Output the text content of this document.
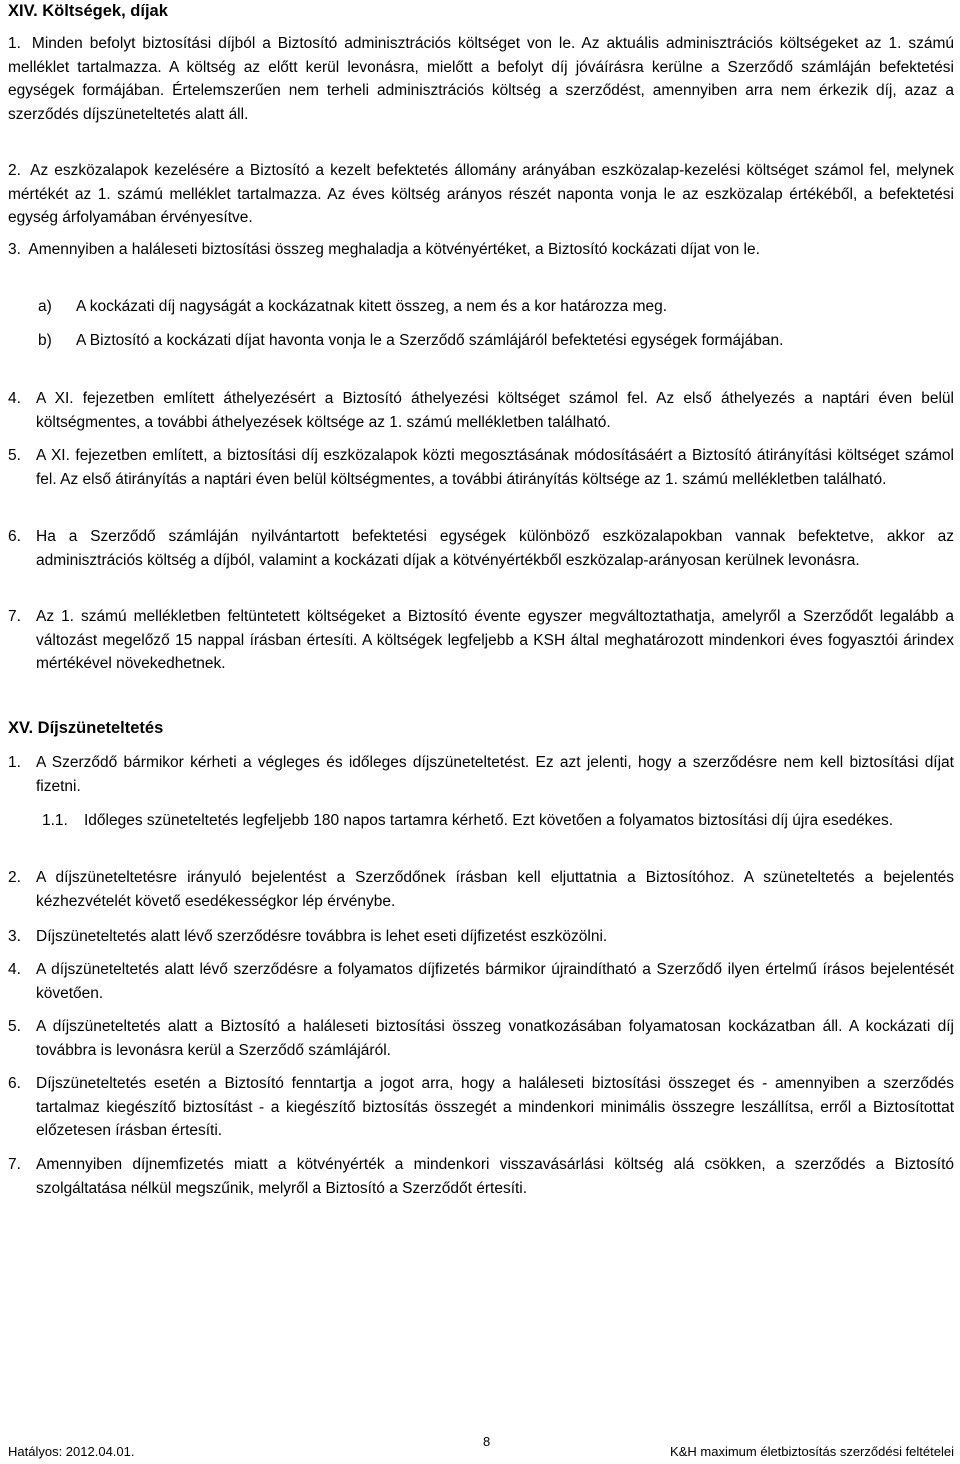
XIV. Költségek, díjak

1. Minden befolyt biztosítási díjból a Biztosító adminisztrációs költséget von le. Az aktuális adminisztrációs költségeket az 1. számú melléklet tartalmazza. A költség az előtt kerül levonásra, mielőtt a befolyt díj jóváírásra kerülne a Szerződő számláján befektetési egységek formájában. Értelemszerűen nem terheli adminisztrációs költség a szerződést, amennyiben arra nem érkezik díj, azaz a szerződés díjszüneteltetés alatt áll.

2. Az eszközalapok kezelésére a Biztosító a kezelt befektetés állomány arányában eszközalap-kezelési költséget számol fel, melynek mértékét az 1. számú melléklet tartalmazza. Az éves költség arányos részét naponta vonja le az eszközalap értékéből, a befektetési egység árfolyamában érvényesítve.

3. Amennyiben a haláleseti biztosítási összeg meghaladja a kötvényértéket, a Biztosító kockázati díjat von le.

a) A kockázati díj nagyságát a kockázatnak kitett összeg, a nem és a kor határozza meg.

b) A Biztosító a kockázati díjat havonta vonja le a Szerződő számlájáról befektetési egységek formájában.

4. A XI. fejezetben említett áthelyezésért a Biztosító áthelyezési költséget számol fel. Az első áthelyezés a naptári éven belül költségmentes, a további áthelyezések költsége az 1. számú mellékletben található.

5. A XI. fejezetben említett, a biztosítási díj eszközalapok közti megosztásának módosításáért a Biztosító átirányítási költséget számol fel. Az első átirányítás a naptári éven belül költségmentes, a további átirányítás költsége az 1. számú mellékletben található.

6. Ha a Szerződő számláján nyilvántartott befektetési egységek különböző eszközalapokban vannak befektetve, akkor az adminisztrációs költség a díjból, valamint a kockázati díjak a kötvényértékből eszközalap-arányosan kerülnek levonásra.

7. Az 1. számú mellékletben feltüntetett költségeket a Biztosító évente egyszer megváltoztathatja, amelyről a Szerződőt legalább a változást megelőző 15 nappal írásban értesíti. A költségek legfeljebb a KSH által meghatározott mindenkori éves fogyasztói árindex mértékével növekedhetnek.

XV. Díjszüneteltetés
1. A Szerződő bármikor kérheti a végleges és időleges díjszüneteltetést. Ez azt jelenti, hogy a szerződésre nem kell biztosítási díjat fizetni.

1.1. Időleges szüneteltetés legfeljebb 180 napos tartamra kérhető. Ezt követően a folyamatos biztosítási díj újra esedékes.

2. A díjszüneteltetésre irányuló bejelentést a Szerződőnek írásban kell eljuttatnia a Biztosítóhoz. A szüneteltetés a bejelentés kézhezvételét követő esedékességkor lép érvénybe.

3. Díjszüneteltetés alatt lévő szerződésre továbbra is lehet eseti díjfizetést eszközölni.

4. A díjszüneteltetés alatt lévő szerződésre a folyamatos díjfizetés bármikor újraindítható a Szerződő ilyen értelmű írásos bejelentését követően.

5. A díjszüneteltetés alatt a Biztosító a haláleseti biztosítási összeg vonatkozásában folyamatosan kockázatban áll. A kockázati díj továbbra is levonásra kerül a Szerződő számlájáról.

6. Díjszüneteltetés esetén a Biztosító fenntartja a jogot arra, hogy a haláleseti biztosítási összeget és - amennyiben a szerződés tartalmaz kiegészítő biztosítást - a kiegészítő biztosítás összegét a mindenkori minimális összegre leszállítsa, erről a Biztosítottat előzetesen írásban értesíti.

7. Amennyiben díjnemfizetés miatt a kötvényérték a mindenkori visszavásárlási költség alá csökken, a szerződés a Biztosító szolgáltatása nélkül megszűnik, melyről a Biztosító a Szerződőt értesíti.

Hatályos: 2012.04.01.
8
K&H maximum életbiztosítás szerződési feltételei
